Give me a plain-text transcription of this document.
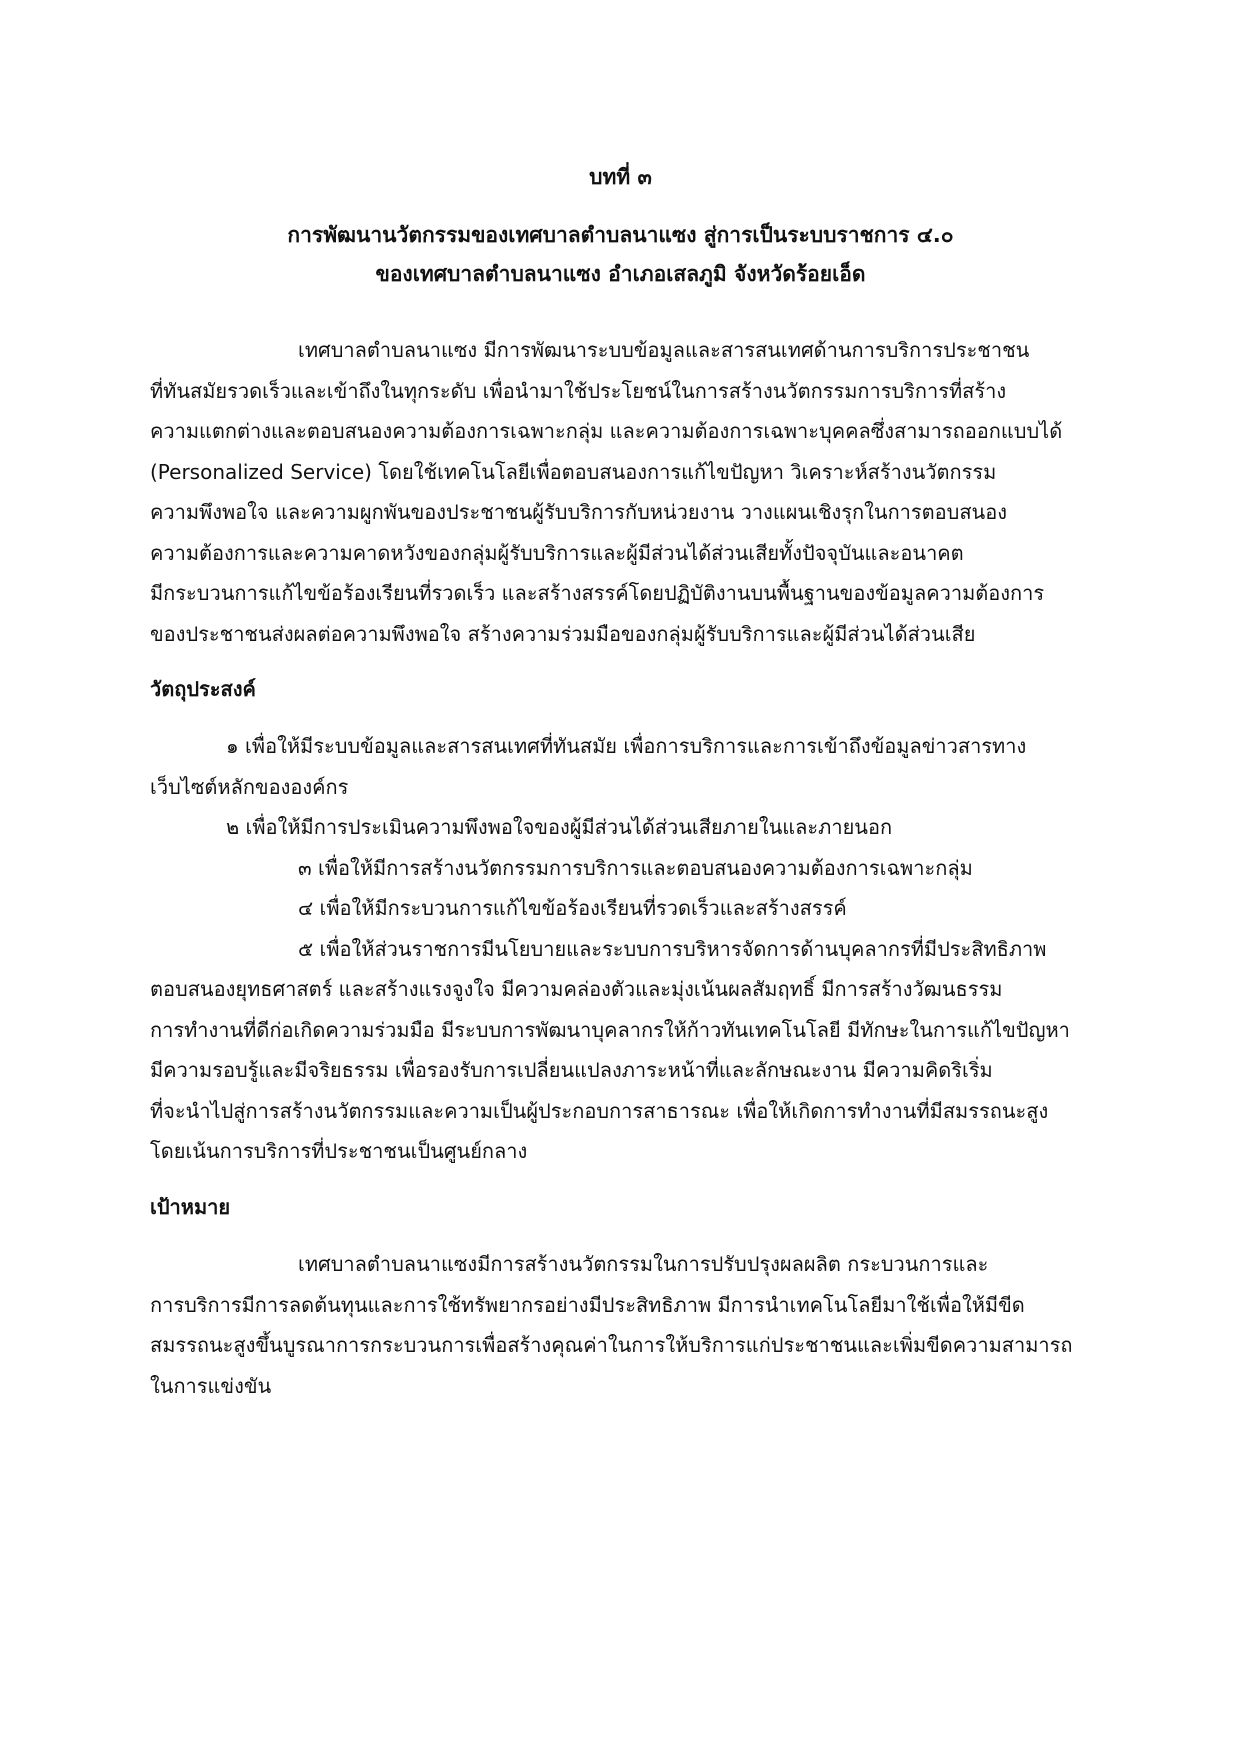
บทที่ ๓
การพัฒนานวัตกรรมของเทศบาลตำบลนาแซง สู่การเป็นระบบราชการ ๔.๐
ของเทศบาลตำบลนาแซง อำเภอเสลภูมิ จังหวัดร้อยเอ็ด
เทศบาลตำบลนาแซง มีการพัฒนาระบบข้อมูลและสารสนเทศด้านการบริการประชาชน
ที่ทันสมัยรวดเร็วและเข้าถึงในทุกระดับ เพื่อนำมาใช้ประโยชน์ในการสร้างนวัตกรรมการบริการที่สร้าง
ความแตกต่างและตอบสนองความต้องการเฉพาะกลุ่ม และความต้องการเฉพาะบุคคลซึ่งสามารถออกแบบได้
(Personalized Service) โดยใช้เทคโนโลยีเพื่อตอบสนองการแก้ไขปัญหา วิเคราะห์สร้างนวัตกรรม
ความพึงพอใจ และความผูกพันของประชาชนผู้รับบริการกับหน่วยงาน วางแผนเชิงรุกในการตอบสนอง
ความต้องการและความคาดหวังของกลุ่มผู้รับบริการและผู้มีส่วนได้ส่วนเสียทั้งปัจจุบันและอนาคต
มีกระบวนการแก้ไขข้อร้องเรียนที่รวดเร็ว และสร้างสรรค์โดยปฏิบัติงานบนพื้นฐานของข้อมูลความต้องการ
ของประชาชนส่งผลต่อความพึงพอใจ สร้างความร่วมมือของกลุ่มผู้รับบริการและผู้มีส่วนได้ส่วนเสีย
วัตถุประสงค์
๑ เพื่อให้มีระบบข้อมูลและสารสนเทศที่ทันสมัย เพื่อการบริการและการเข้าถึงข้อมูลข่าวสารทาง
เว็บไซต์หลักขององค์กร
๒ เพื่อให้มีการประเมินความพึงพอใจของผู้มีส่วนได้ส่วนเสียภายในและภายนอก
๓ เพื่อให้มีการสร้างนวัตกรรมการบริการและตอบสนองความต้องการเฉพาะกลุ่ม
๔ เพื่อให้มีกระบวนการแก้ไขข้อร้องเรียนที่รวดเร็วและสร้างสรรค์
๕ เพื่อให้ส่วนราชการมีนโยบายและระบบการบริหารจัดการด้านบุคลากรที่มีประสิทธิภาพ
ตอบสนองยุทธศาสตร์ และสร้างแรงจูงใจ มีความคล่องตัวและมุ่งเน้นผลสัมฤทธิ์ มีการสร้างวัฒนธรรม
การทำงานที่ดีก่อเกิดความร่วมมือ มีระบบการพัฒนาบุคลากรให้ก้าวทันเทคโนโลยี มีทักษะในการแก้ไขปัญหา
มีความรอบรู้และมีจริยธรรม เพื่อรองรับการเปลี่ยนแปลงภาระหน้าที่และลักษณะงาน มีความคิดริเริ่ม
ที่จะนำไปสู่การสร้างนวัตกรรมและความเป็นผู้ประกอบการสาธารณะ เพื่อให้เกิดการทำงานที่มีสมรรถนะสูง
โดยเน้นการบริการที่ประชาชนเป็นศูนย์กลาง
เป้าหมาย
เทศบาลตำบลนาแซงมีการสร้างนวัตกรรมในการปรับปรุงผลผลิต กระบวนการและ
การบริการมีการลดต้นทุนและการใช้ทรัพยากรอย่างมีประสิทธิภาพ มีการนำเทคโนโลยีมาใช้เพื่อให้มีขีด
สมรรถนะสูงขึ้นบูรณาการกระบวนการเพื่อสร้างคุณค่าในการให้บริการแก่ประชาชนและเพิ่มขีดความสามารถ
ในการแข่งขัน
